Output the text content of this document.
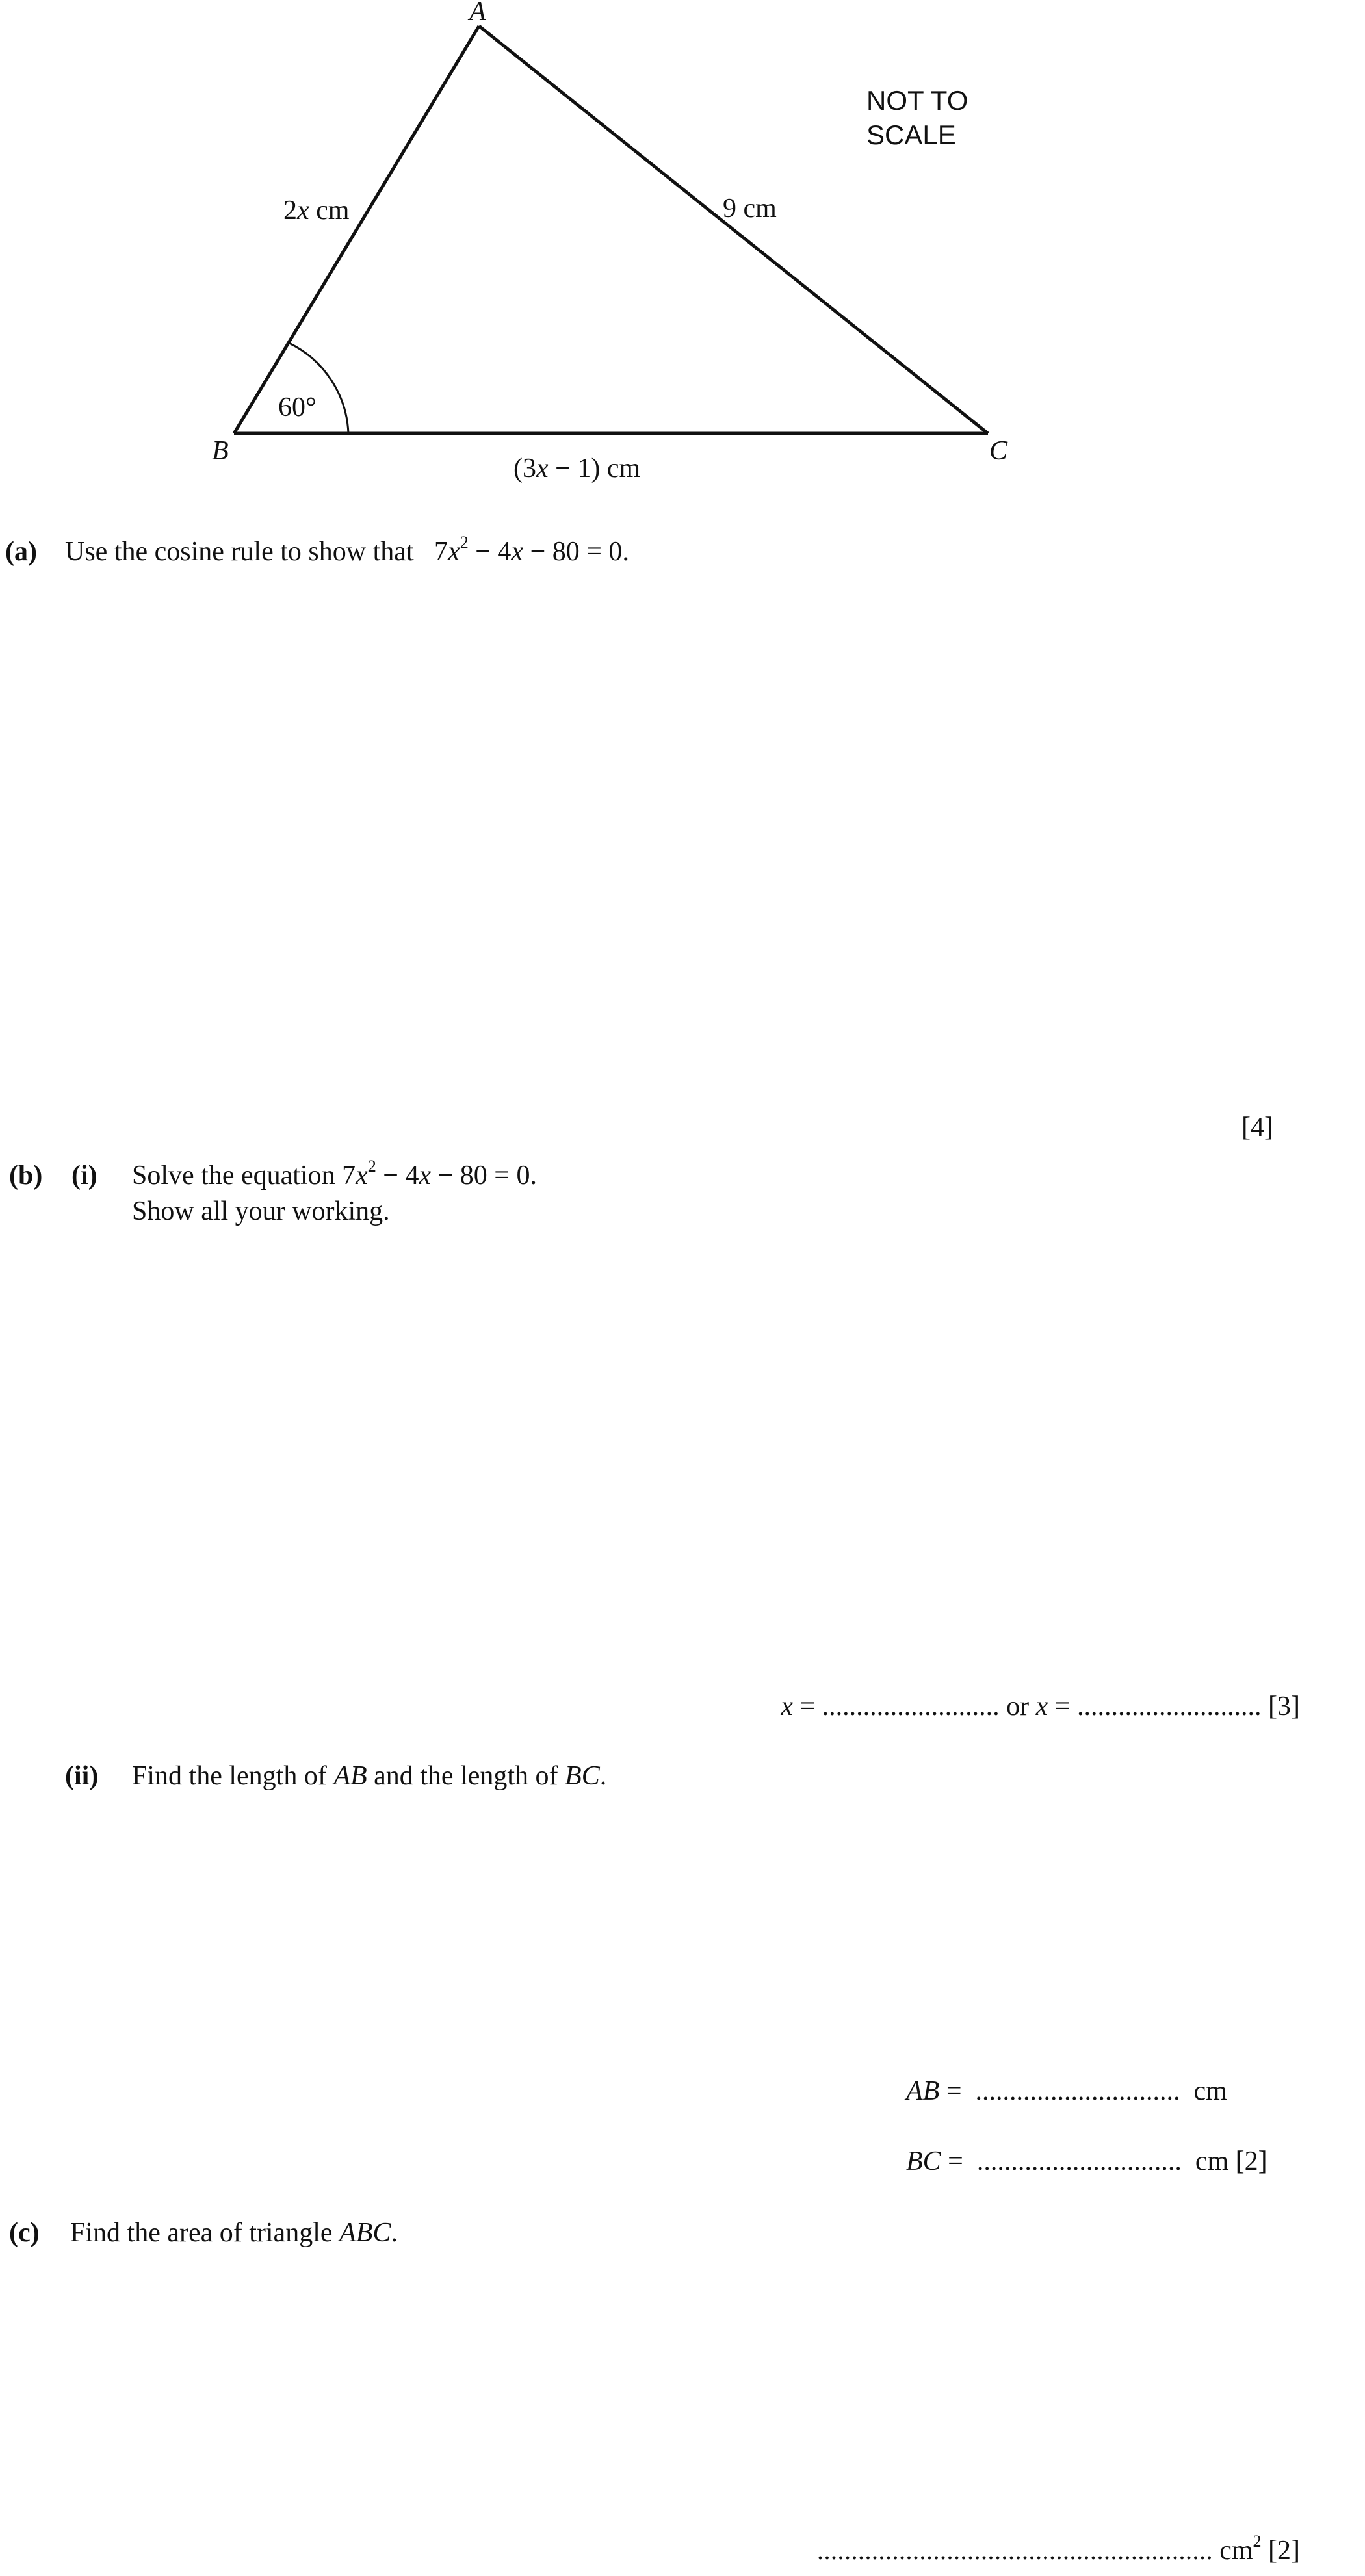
A
B	C
2x cm	9 cm
(3x − 1) cm
60°
NOT TO
SCALE
(a) Use the cosine rule to show that $7x^2 - 4x - 80 = 0$.
[4]
(b) (i) Solve the equation $7x^2 - 4x - 80 = 0$.
Show all your working.
x = .......................... or x = ........................... [3]
(ii) Find the length of AB and the length of BC.
AB =  .............................. cm
BC =  .............................. cm [2]
(c) Find the area of triangle ABC.
.......................................................... $cm^2$ [2]
